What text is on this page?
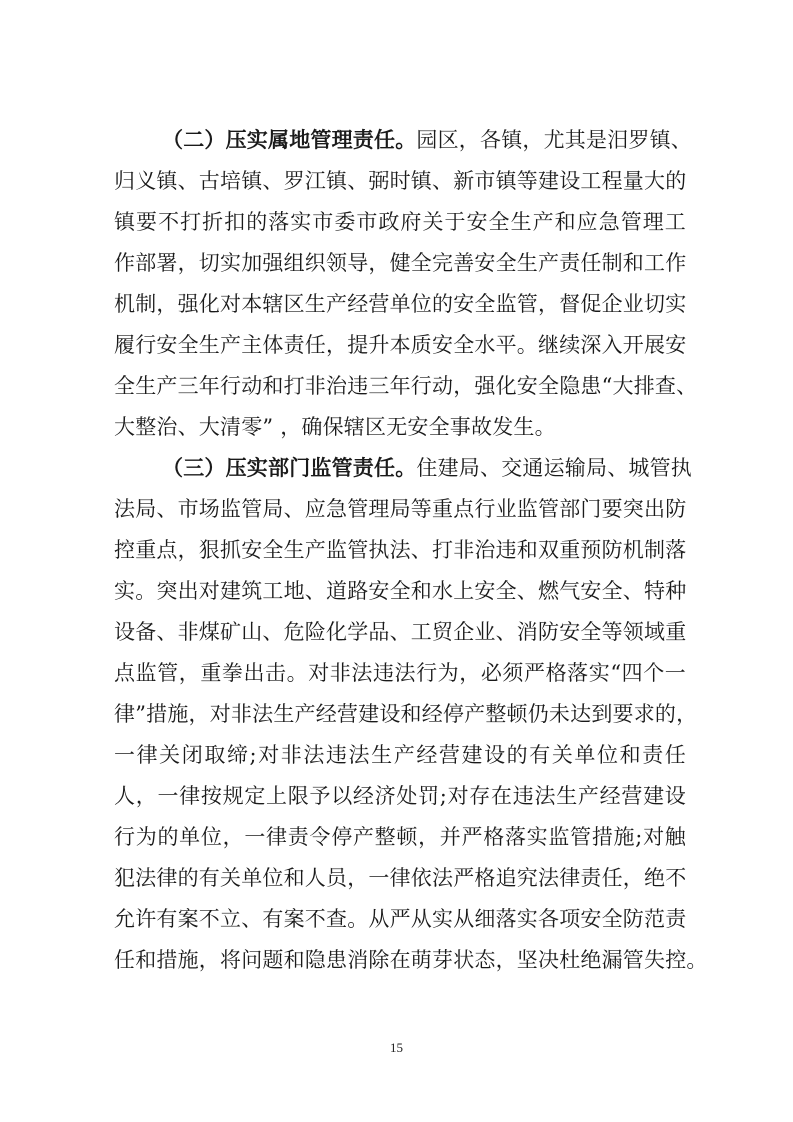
（二）压实属地管理责任。园区，各镇，尤其是汨罗镇、
归义镇、古培镇、罗江镇、弼时镇、新市镇等建设工程量大的
镇要不打折扣的落实市委市政府关于安全生产和应急管理工
作部署，切实加强组织领导，健全完善安全生产责任制和工作
机制，强化对本辖区生产经营单位的安全监管，督促企业切实
履行安全生产主体责任，提升本质安全水平。继续深入开展安
全生产三年行动和打非治违三年行动，强化安全隐患“大排查、
大整治、大清零” ，确保辖区无安全事故发生。
（三）压实部门监管责任。住建局、交通运输局、城管执
法局、市场监管局、应急管理局等重点行业监管部门要突出防
控重点，狠抓安全生产监管执法、打非治违和双重预防机制落
实。突出对建筑工地、道路安全和水上安全、燃气安全、特种
设备、非煤矿山、危险化学品、工贸企业、消防安全等领域重
点监管，重拳出击。对非法违法行为，必须严格落实“四个一
律”措施，对非法生产经营建设和经停产整顿仍未达到要求的，
一律关闭取缔;对非法违法生产经营建设的有关单位和责任
人，一律按规定上限予以经济处罚;对存在违法生产经营建设
行为的单位，一律责令停产整顿，并严格落实监管措施;对触
犯法律的有关单位和人员，一律依法严格追究法律责任，绝不
允许有案不立、有案不查。从严从实从细落实各项安全防范责
任和措施，将问题和隐患消除在萌芽状态，坚决杜绝漏管失控。
15
